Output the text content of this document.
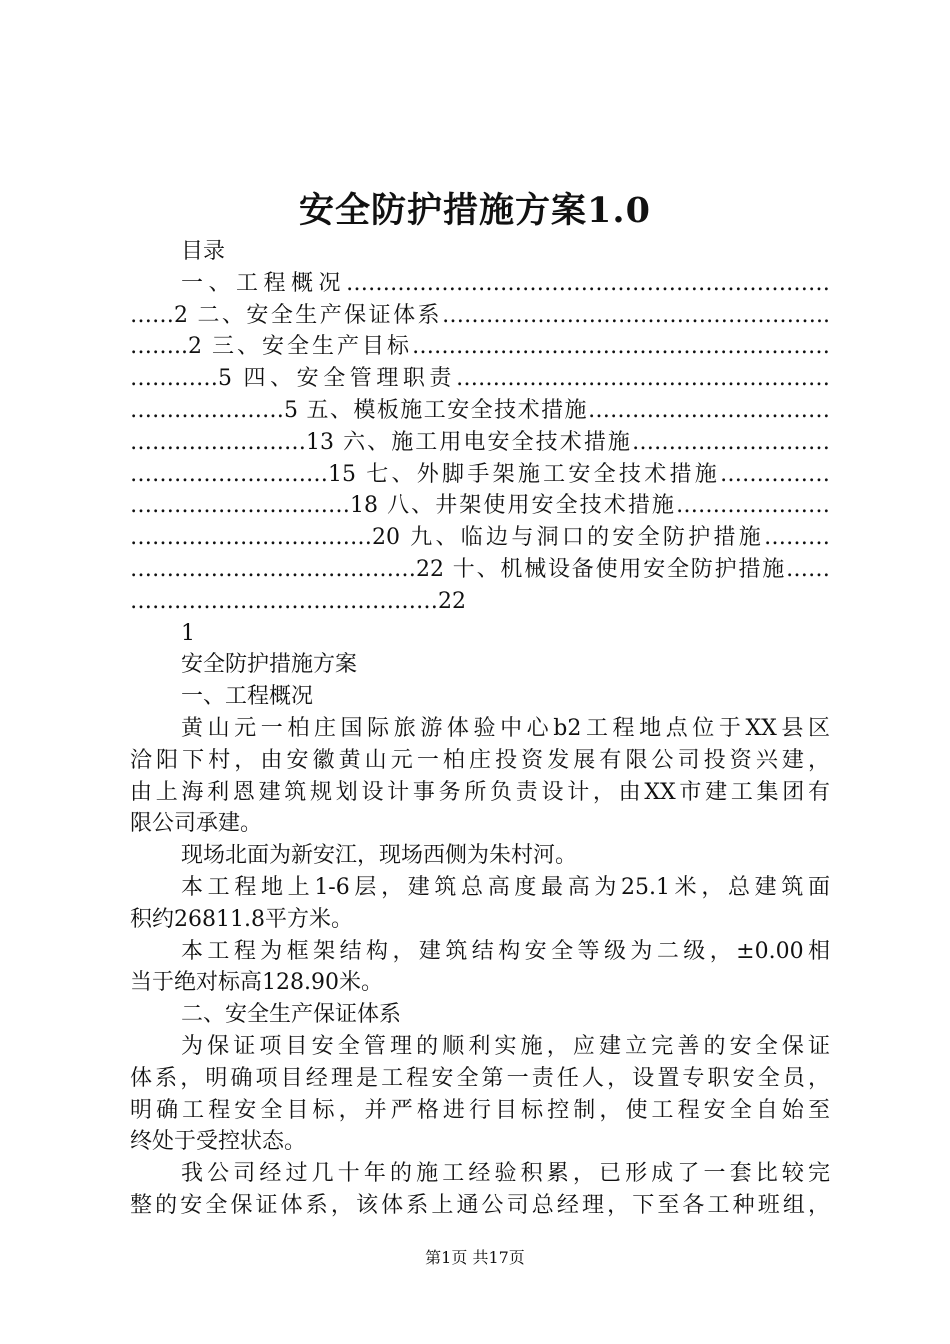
安全防护措施方案1.0
目录
一、工程概况…………………………………………………………
……2 二、安全生产保证体系……………………………………………..
……..2 三、安全生产目标…………………………………………………
…………5 四、安全管理职责……………………………………………
…………………5 五、模板施工安全技术措施……………………………
……………………13 六、施工用电安全技术措施………………………
………………………15 七、外脚手架施工安全技术措施……………
…………………………18 八、井架使用安全技术措施…………………
……………………………20 九、临边与洞口的安全防护措施………
…………………………………22 十、机械设备使用安全防护措施……
……………………………………22
1
安全防护措施方案
一、工程概况
黄山元一柏庄国际旅游体验中心b2工程地点位于XX县区
洽阳下村，由安徽黄山元一柏庄投资发展有限公司投资兴建，
由上海利恩建筑规划设计事务所负责设计，由XX市建工集团有
限公司承建。
现场北面为新安江，现场西侧为朱村河。
本工程地上1-6层，建筑总高度最高为25.1米，总建筑面
积约26811.8平方米。
本工程为框架结构，建筑结构安全等级为二级，±0.00相
当于绝对标高128.90米。
二、安全生产保证体系
为保证项目安全管理的顺利实施，应建立完善的安全保证
体系，明确项目经理是工程安全第一责任人，设置专职安全员，
明确工程安全目标，并严格进行目标控制，使工程安全自始至
终处于受控状态。
我公司经过几十年的施工经验积累，已形成了一套比较完
整的安全保证体系，该体系上通公司总经理，下至各工种班组，
第1页 共17页
